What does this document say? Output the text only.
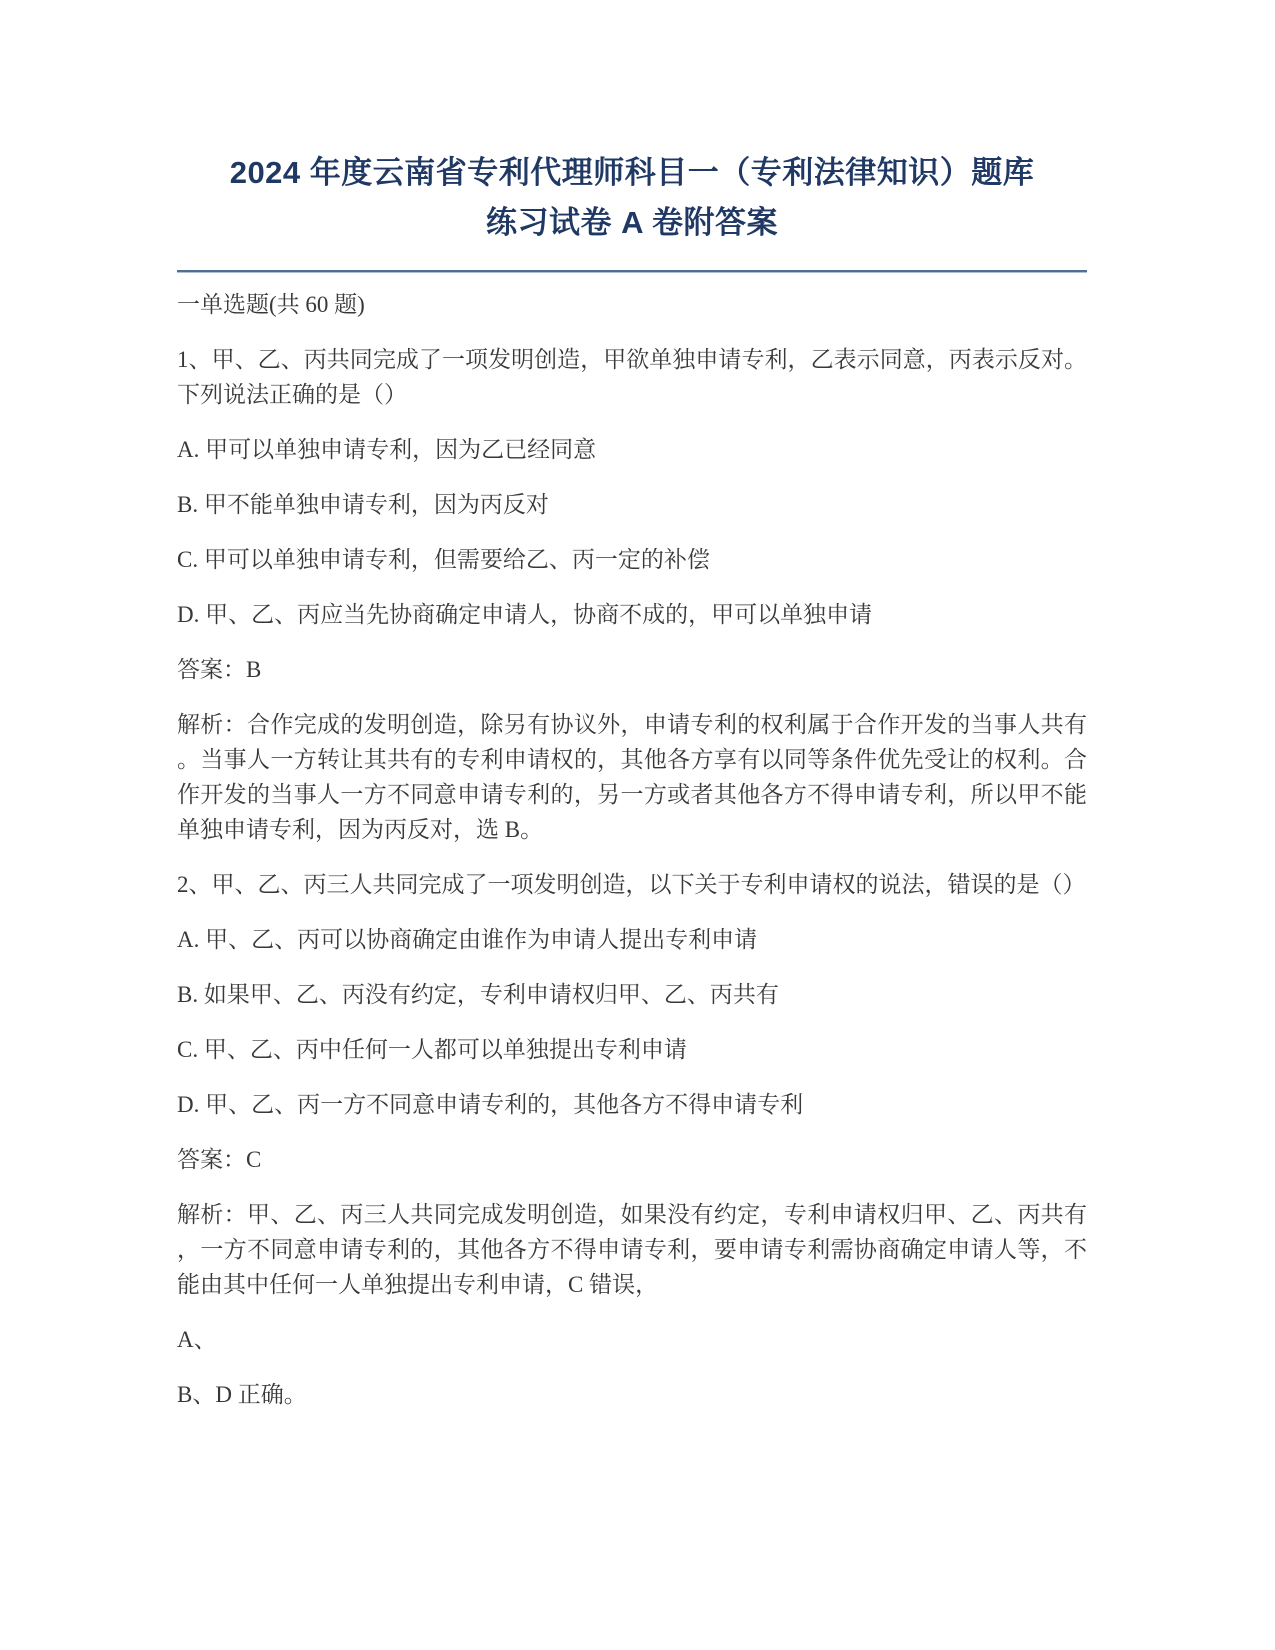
2024 年度云南省专利代理师科目一（专利法律知识）题库练习试卷 A 卷附答案

一单选题(共 60 题)

1、甲、乙、丙共同完成了一项发明创造，甲欲单独申请专利，乙表示同意，丙表示反对。下列说法正确的是（）

A. 甲可以单独申请专利，因为乙已经同意

B. 甲不能单独申请专利，因为丙反对

C. 甲可以单独申请专利，但需要给乙、丙一定的补偿

D. 甲、乙、丙应当先协商确定申请人，协商不成的，甲可以单独申请

答案：B

解析：合作完成的发明创造，除另有协议外，申请专利的权利属于合作开发的当事人共有。当事人一方转让其共有的专利申请权的，其他各方享有以同等条件优先受让的权利。合作开发的当事人一方不同意申请专利的，另一方或者其他各方不得申请专利，所以甲不能单独申请专利，因为丙反对，选 B。

2、甲、乙、丙三人共同完成了一项发明创造，以下关于专利申请权的说法，错误的是（）

A. 甲、乙、丙可以协商确定由谁作为申请人提出专利申请

B. 如果甲、乙、丙没有约定，专利申请权归甲、乙、丙共有

C. 甲、乙、丙中任何一人都可以单独提出专利申请

D. 甲、乙、丙一方不同意申请专利的，其他各方不得申请专利

答案：C

解析：甲、乙、丙三人共同完成发明创造，如果没有约定，专利申请权归甲、乙、丙共有，一方不同意申请专利的，其他各方不得申请专利，要申请专利需协商确定申请人等，不能由其中任何一人单独提出专利申请，C 错误，

A、

B、D 正确。
